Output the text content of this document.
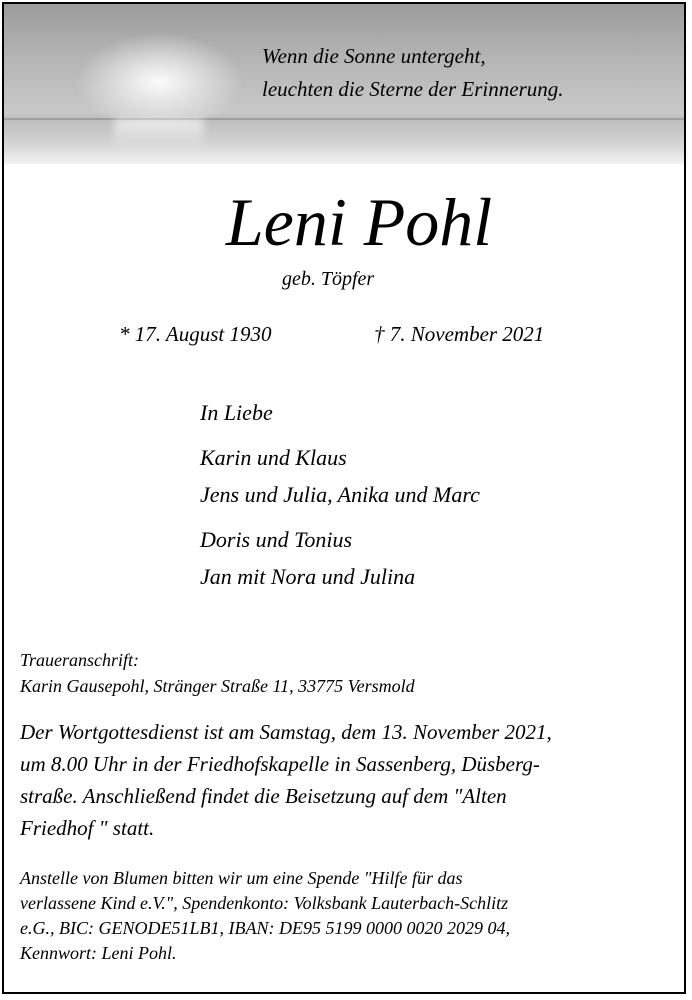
Wenn die Sonne untergeht,
leuchten die Sterne der Erinnerung.
Leni Pohl
geb. Töpfer
* 17. August 1930	† 7. November 2021
In Liebe
Karin und Klaus
Jens und Julia, Anika und Marc
Doris und Tonius
Jan mit Nora und Julina
Traueranschrift:
Karin Gausepohl, Stränger Straße 11, 33775 Versmold
Der Wortgottesdienst ist am Samstag, dem 13. November 2021,
um 8.00 Uhr in der Friedhofskapelle in Sassenberg, Düsberg-
straße. Anschließend findet die Beisetzung auf dem "Alten
Friedhof " statt.
Anstelle von Blumen bitten wir um eine Spende "Hilfe für das
verlassene Kind e.V.", Spendenkonto: Volksbank Lauterbach-Schlitz
e.G., BIC: GENODE51LB1, IBAN: DE95 5199 0000 0020 2029 04,
Kennwort: Leni Pohl.
